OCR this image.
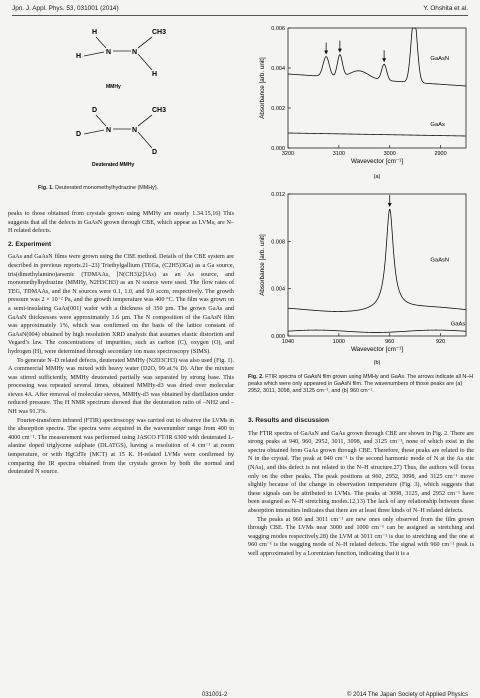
Jpn. J. Appl. Phys. 53, 031001 (2014)	Y. Ohshita et al.
H
H
N	N
CH3
H
MMHy
D
D
N	N
CH3
D
Deuterated MMHy
Fig. 1. Deuterated monomethylhydrazine (MMHy).

peaks to those obtained from crystals grown using MMHy are nearly 1.34.15,16) This suggests that all the defects in GaAsN grown through CBE, which appear as LVMs, are N–H related defects.

2. Experiment

GaAs and GaAsN films were grown using the CBE method. Details of the CBE system are described in previous reports.21–23) Triethylgallium (TEGa, (C2H5)3Ga) as a Ga source, tris(dimethylamino)arsenic (TDMAAs, [N(CH3)2]3As) as an As source, and monomethylhydrazine (MMHy, N2H3CH3) as an N source were used. The flow rates of TEG, TDMAAs, and the N sources were 0.1, 1.0, and 9.0 sccm, respectively. The growth pressure was 2 × 10⁻² Pa, and the growth temperature was 400 °C. The film was grown on a semi-insulating GaAs(001) wafer with a thickness of 350 µm. The grown GaAs and GaAsN thicknesses were approximately 1.6 µm. The N composition of the GaAsN film was approximately 1%, which was confirmed on the basis of the lattice constant of GaAsN(004) obtained by high resolution XRD analysis that assumes elastic distortion and Vegard’s law. The concentrations of impurities, such as carbon (C), oxygen (O), and hydrogen (H), were determined through secondary ion mass spectroscopy (SIMS).

To generate N–D related defects, deuterated MMHy (N2D3CH3) was also used (Fig. 1). A commercial MMHy was mixed with heavy water (D2O, 99 at.% D). After the mixture was stirred sufficiently, MMHy deuterated partially was separated by strong base. This processing was repeated several times, obtained MMHy-d3 was dried over molecular sieves 4A. After removal of molecular sieves, MMHy-d3 was obtained by distillation under reduced pressure. The H NMR spectrum showed that the deuteration ratio of –NH2 and –NH was 91.3%.

Fourier-transform infrared (FTIR) spectroscopy was carried out to observe the LVMs in the absorption spectra. The spectra were acquired in the wavenumber range from 400 to 4000 cm⁻¹. The measurement was performed using JASCO FT/IR 6300 with deuterated L-alanine doped triglycene sulphate (DLATGS), having a resolution of 4 cm⁻¹ at room temperature, or with HgCdTe (MCT) at 15 K. H-related LVMs were confirmed by comparing the IR spectra obtained from the crystals grown by both the normal and deuterated N source.

0.000
0.002
0.004
0.006
3200	3100	3000	2900
Wavevector [cm⁻¹]
Absorbance [arb. unit]
(a)
GaAsN
GaAs
0.000
0.004
0.008
0.012
1040	1000	960	920
Wavevector [cm⁻¹]
Absorbance [arb. unit]
(b)
GaAsN
GaAs
Fig. 2. FTIR spectra of GaAsN film grown using MMHy and GaAs. The arrows indicate all N–H peaks which were only appeared in GaAsN film. The wavenumbers of those peaks are (a) 2952, 3011, 3098, and 3125 cm⁻¹, and (b) 960 cm⁻¹.
3. Results and discussion

The FTIR spectra of GaAsN and GaAs grown through CBE are shown in Fig. 2. There are strong peaks at 940, 960, 2952, 3011, 3098, and 3125 cm⁻¹, none of which exist in the spectra obtained from GaAs grown through CBE. Therefore, these peaks are related to the N in the crystal. The peak at 940 cm⁻¹ is the second harmonic mode of N at the As site (NAs), and this defect is not related to the N–H structure.27) Thus, the authors will focus only on the other peaks. The peak positions at 960, 2952, 3098, and 3125 cm⁻¹ move slightly because of the change in observation temperature (Fig. 3), which suggests that these signals can be attributed to LVMs. The peaks at 3098, 3125, and 2952 cm⁻¹ have been assigned as N–H stretching modes.12,13) The lack of any relationship between these absorption intensities indicates that there are at least three kinds of N–H related defects.

The peaks at 960 and 3011 cm⁻¹ are new ones only observed from the film grown through CBE. The LVMs near 3000 and 1000 cm⁻¹ can be assigned as stretching and wagging modes respectively.28) the LVM at 3011 cm⁻¹ is due to stretching and the one at 960 cm⁻¹ is the wagging mode of N–H related defects. The signal with 960 cm⁻¹ peak is well approximated by a Lorentzian function, indicating that it is a

031001-2	© 2014 The Japan Society of Applied Physics
